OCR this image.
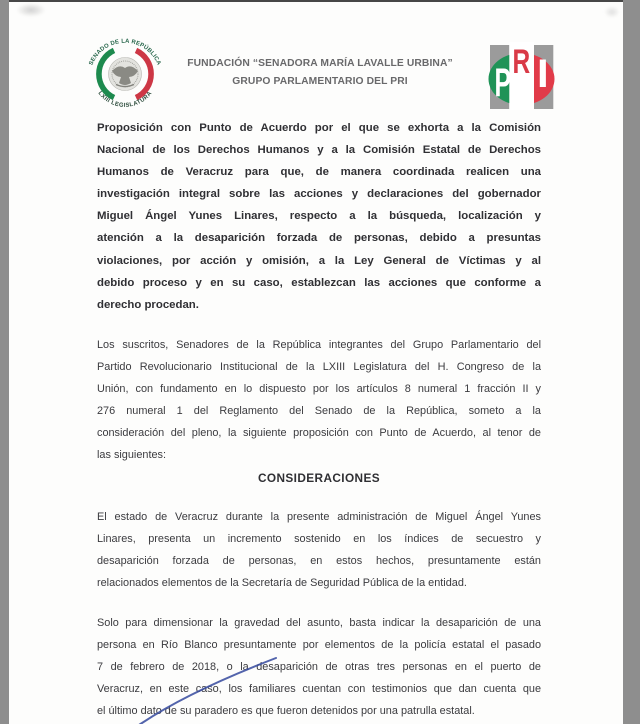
SENADO DE LA REPÚBLICA
LXIII LEGISLATURA
FUNDACIÓN “SENADORA MARÍA LAVALLE URBINA”
GRUPO PARLAMENTARIO DEL PRI	P R I
Proposición con Punto de Acuerdo por el que se exhorta a la Comisión
Nacional de los Derechos Humanos y a la Comisión Estatal de Derechos
Humanos de Veracruz para que, de manera coordinada realicen una
investigación integral sobre las acciones y declaraciones del gobernador
Miguel Ángel Yunes Linares, respecto a la búsqueda, localización y
atención a la desaparición forzada de personas, debido a presuntas
violaciones, por acción y omisión, a la Ley General de Víctimas y al
debido proceso y en su caso, establezcan las acciones que conforme a
derecho procedan.
Los suscritos, Senadores de la República integrantes del Grupo Parlamentario del
Partido Revolucionario Institucional de la LXIII Legislatura del H. Congreso de la
Unión, con fundamento en lo dispuesto por los artículos 8 numeral 1 fracción II y
276 numeral 1 del Reglamento del Senado de la República, someto a la
consideración del pleno, la siguiente proposición con Punto de Acuerdo, al tenor de
las siguientes:
CONSIDERACIONES
El estado de Veracruz durante la presente administración de Miguel Ángel Yunes
Linares, presenta un incremento sostenido en los índices de secuestro y
desaparición forzada de personas, en estos hechos, presuntamente están
relacionados elementos de la Secretaría de Seguridad Pública de la entidad.
Solo para dimensionar la gravedad del asunto, basta indicar la desaparición de una
persona en Río Blanco presuntamente por elementos de la policía estatal el pasado
7 de febrero de 2018, o la desaparición de otras tres personas en el puerto de
Veracruz, en este caso, los familiares cuentan con testimonios que dan cuenta que
el último dato de su paradero es que fueron detenidos por una patrulla estatal.
